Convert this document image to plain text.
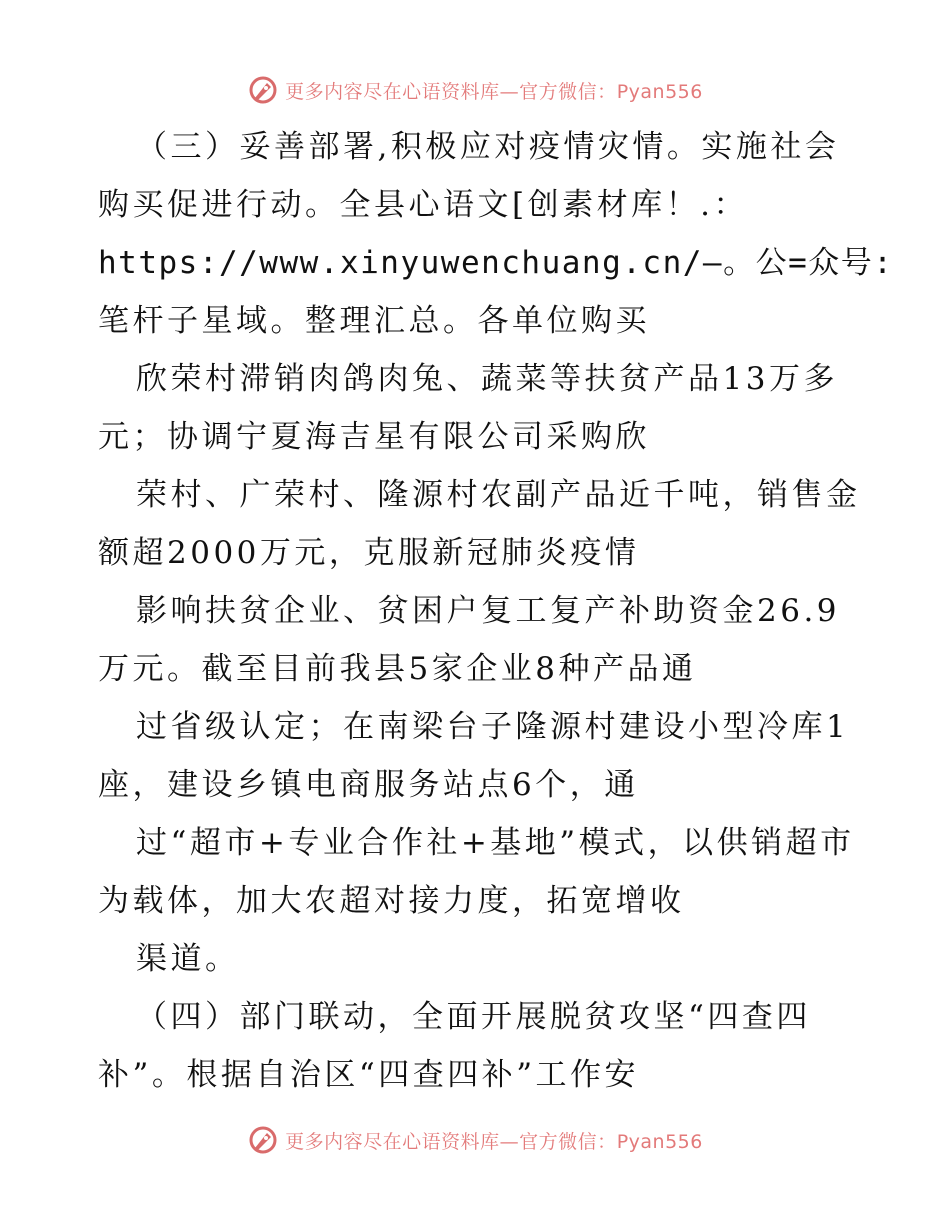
更多内容尽在心语资料库—官方微信：Pyan556
（三）妥善部署,积极应对疫情灾情。实施社会
购买促进行动。全县心语文[创素材库！.：
https://www.xinyuwenchuang.cn/—。公=众号:
笔杆子星域。整理汇总。各单位购买
欣荣村滞销肉鸽肉兔、蔬菜等扶贫产品13万多
元；协调宁夏海吉星有限公司采购欣
荣村、广荣村、隆源村农副产品近千吨，销售金
额超2000万元，克服新冠肺炎疫情
影响扶贫企业、贫困户复工复产补助资金26.9
万元。截至目前我县5家企业8种产品通
过省级认定；在南梁台子隆源村建设小型冷库1
座，建设乡镇电商服务站点6个，通
过“超市+专业合作社+基地”模式，以供销超市
为载体，加大农超对接力度，拓宽增收
渠道。
（四）部门联动，全面开展脱贫攻坚“四查四
补”。根据自治区“四查四补”工作安
更多内容尽在心语资料库—官方微信：Pyan556
